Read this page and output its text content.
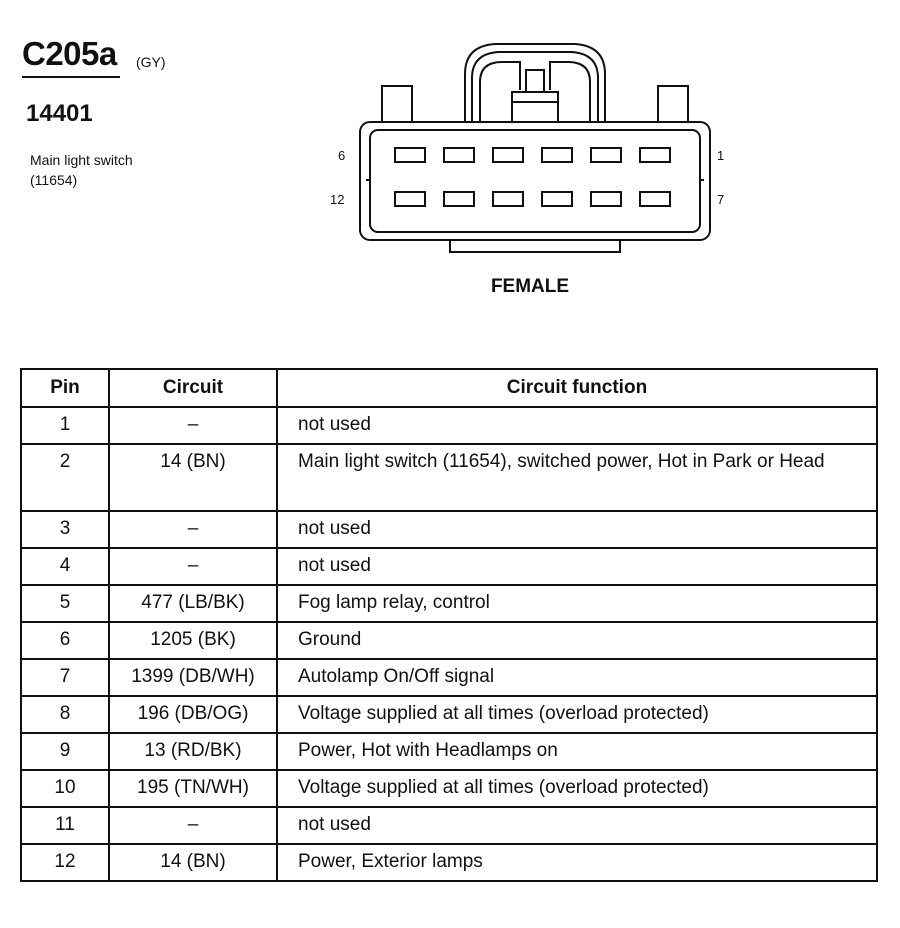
C205a (GY)
14401
Main light switch
(11654)
6
12
1
7
FEMALE
Pin	Circuit	Circuit function
1	–	not used
2	14 (BN)	Main light switch (11654), switched power, Hot in Park or Head
3	–	not used
4	–	not used
5	477 (LB/BK)	Fog lamp relay, control
6	1205 (BK)	Ground
7	1399 (DB/WH)	Autolamp On/Off signal
8	196 (DB/OG)	Voltage supplied at all times (overload protected)
9	13 (RD/BK)	Power, Hot with Headlamps on
10	195 (TN/WH)	Voltage supplied at all times (overload protected)
11	–	not used
12	14 (BN)	Power, Exterior lamps
